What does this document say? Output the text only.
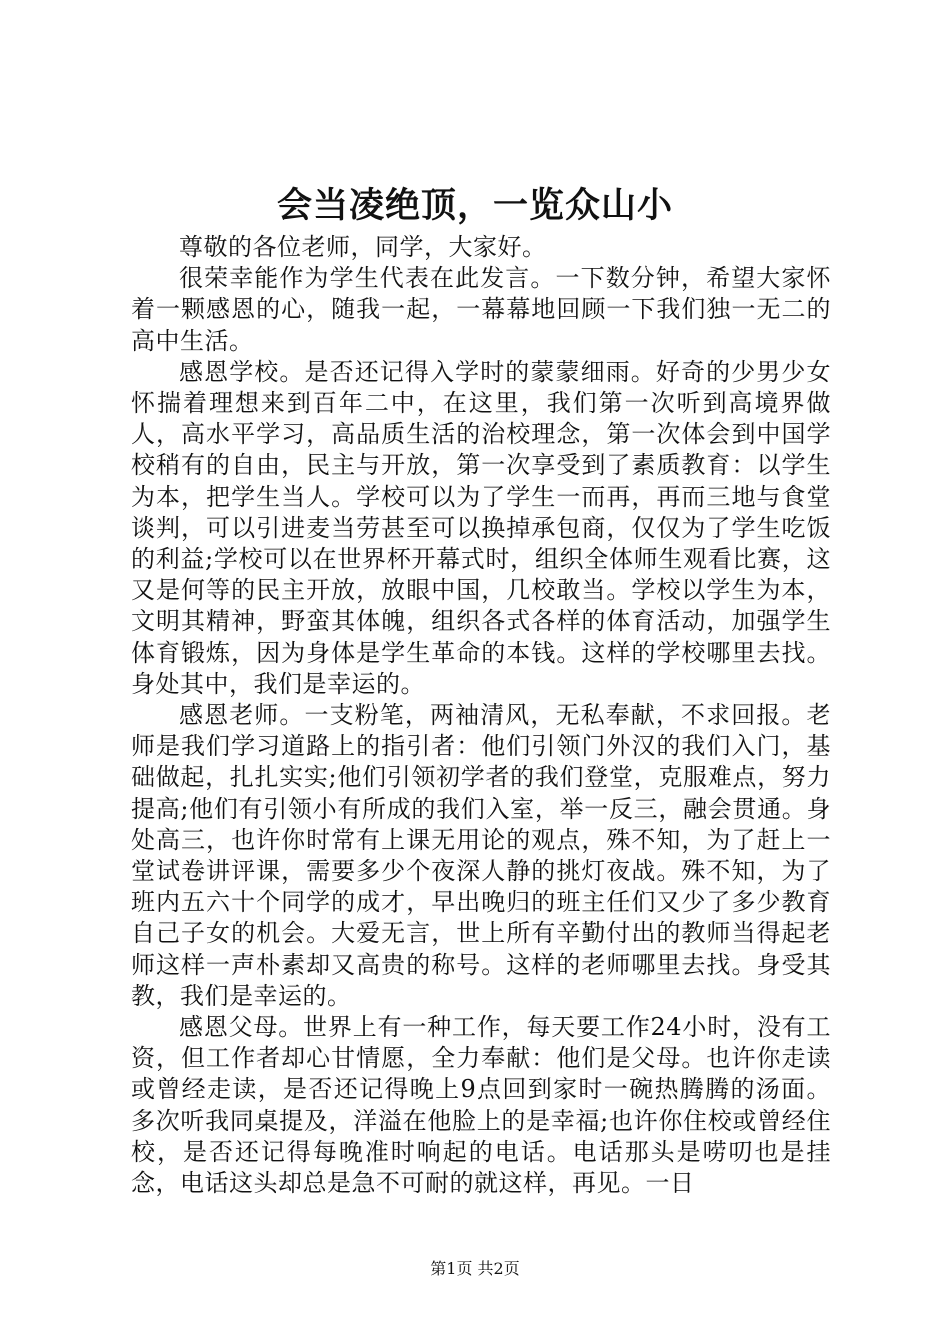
会当凌绝顶，一览众山小

尊敬的各位老师，同学，大家好。

很荣幸能作为学生代表在此发言。一下数分钟，希望大家怀着一颗感恩的心，随我一起，一幕幕地回顾一下我们独一无二的高中生活。

感恩学校。是否还记得入学时的蒙蒙细雨。好奇的少男少女怀揣着理想来到百年二中，在这里，我们第一次听到高境界做人，高水平学习，高品质生活的治校理念，第一次体会到中国学校稍有的自由，民主与开放，第一次享受到了素质教育：以学生为本，把学生当人。学校可以为了学生一而再，再而三地与食堂谈判，可以引进麦当劳甚至可以换掉承包商，仅仅为了学生吃饭的利益;学校可以在世界杯开幕式时，组织全体师生观看比赛，这又是何等的民主开放，放眼中国，几校敢当。学校以学生为本，文明其精神，野蛮其体魄，组织各式各样的体育活动，加强学生体育锻炼，因为身体是学生革命的本钱。这样的学校哪里去找。身处其中，我们是幸运的。

感恩老师。一支粉笔，两袖清风，无私奉献，不求回报。老师是我们学习道路上的指引者：他们引领门外汉的我们入门，基础做起，扎扎实实;他们引领初学者的我们登堂，克服难点，努力提高;他们有引领小有所成的我们入室，举一反三，融会贯通。身处高三，也许你时常有上课无用论的观点，殊不知，为了赶上一堂试卷讲评课，需要多少个夜深人静的挑灯夜战。殊不知，为了班内五六十个同学的成才，早出晚归的班主任们又少了多少教育自己子女的机会。大爱无言，世上所有辛勤付出的教师当得起老师这样一声朴素却又高贵的称号。这样的老师哪里去找。身受其教，我们是幸运的。

感恩父母。世界上有一种工作，每天要工作24小时，没有工资，但工作者却心甘情愿，全力奉献：他们是父母。也许你走读或曾经走读，是否还记得晚上9点回到家时一碗热腾腾的汤面。多次听我同桌提及，洋溢在他脸上的是幸福;也许你住校或曾经住校，是否还记得每晚准时响起的电话。电话那头是唠叨也是挂念，电话这头却总是急不可耐的就这样，再见。一日

第1页 共2页
